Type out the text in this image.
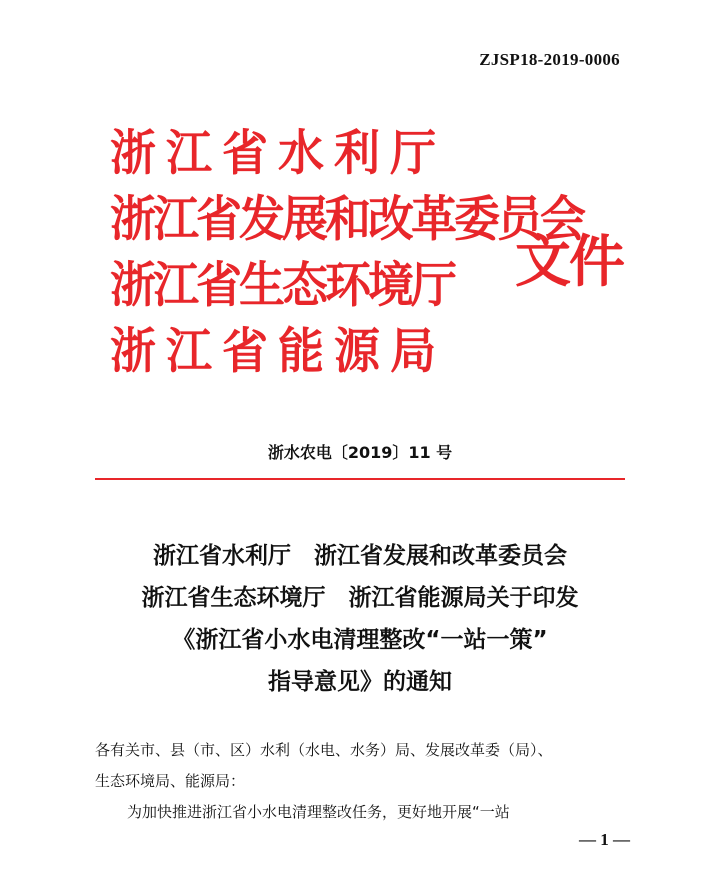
ZJSP18-2019-0006
浙 江 省 水 利 厅
浙江省发展和改革委员会
浙江省生态环境厅
浙 江 省 能 源 局
文件
浙水农电〔2019〕11 号
浙江省水利厅　浙江省发展和改革委员会
浙江省生态环境厅　浙江省能源局关于印发
《浙江省小水电清理整改“一站一策”
指导意见》的通知

各有关市、县（市、区）水利（水电、水务）局、发展改革委（局）、

生态环境局、能源局：

为加快推进浙江省小水电清理整改任务，更好地开展“一站

— 1 —
